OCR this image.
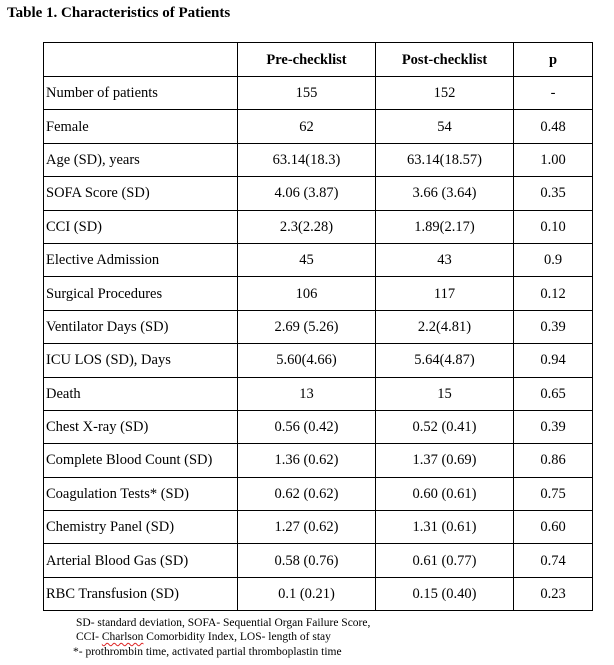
Table 1. Characteristics of Patients
	Pre-checklist	Post-checklist	p
Number of patients	155	152	-
Female	62	54	0.48
Age (SD), years	63.14(18.3)	63.14(18.57)	1.00
SOFA Score (SD)	4.06 (3.87)	3.66 (3.64)	0.35
CCI (SD)	2.3(2.28)	1.89(2.17)	0.10
Elective Admission	45	43	0.9
Surgical Procedures	106	117	0.12
Ventilator Days (SD)	2.69 (5.26)	2.2(4.81)	0.39
ICU LOS (SD), Days	5.60(4.66)	5.64(4.87)	0.94
Death	13	15	0.65
Chest X-ray (SD)	0.56 (0.42)	0.52 (0.41)	0.39
Complete Blood Count (SD)	1.36 (0.62)	1.37 (0.69)	0.86
Coagulation Tests* (SD)	0.62 (0.62)	0.60 (0.61)	0.75
Chemistry Panel (SD)	1.27 (0.62)	1.31 (0.61)	0.60
Arterial Blood Gas (SD)	0.58 (0.76)	0.61 (0.77)	0.74
RBC Transfusion (SD)	0.1 (0.21)	0.15 (0.40)	0.23
SD- standard deviation, SOFA- Sequential Organ Failure Score,
CCI- Charlson Comorbidity Index, LOS- length of stay
*- prothrombin time, activated partial thromboplastin time
